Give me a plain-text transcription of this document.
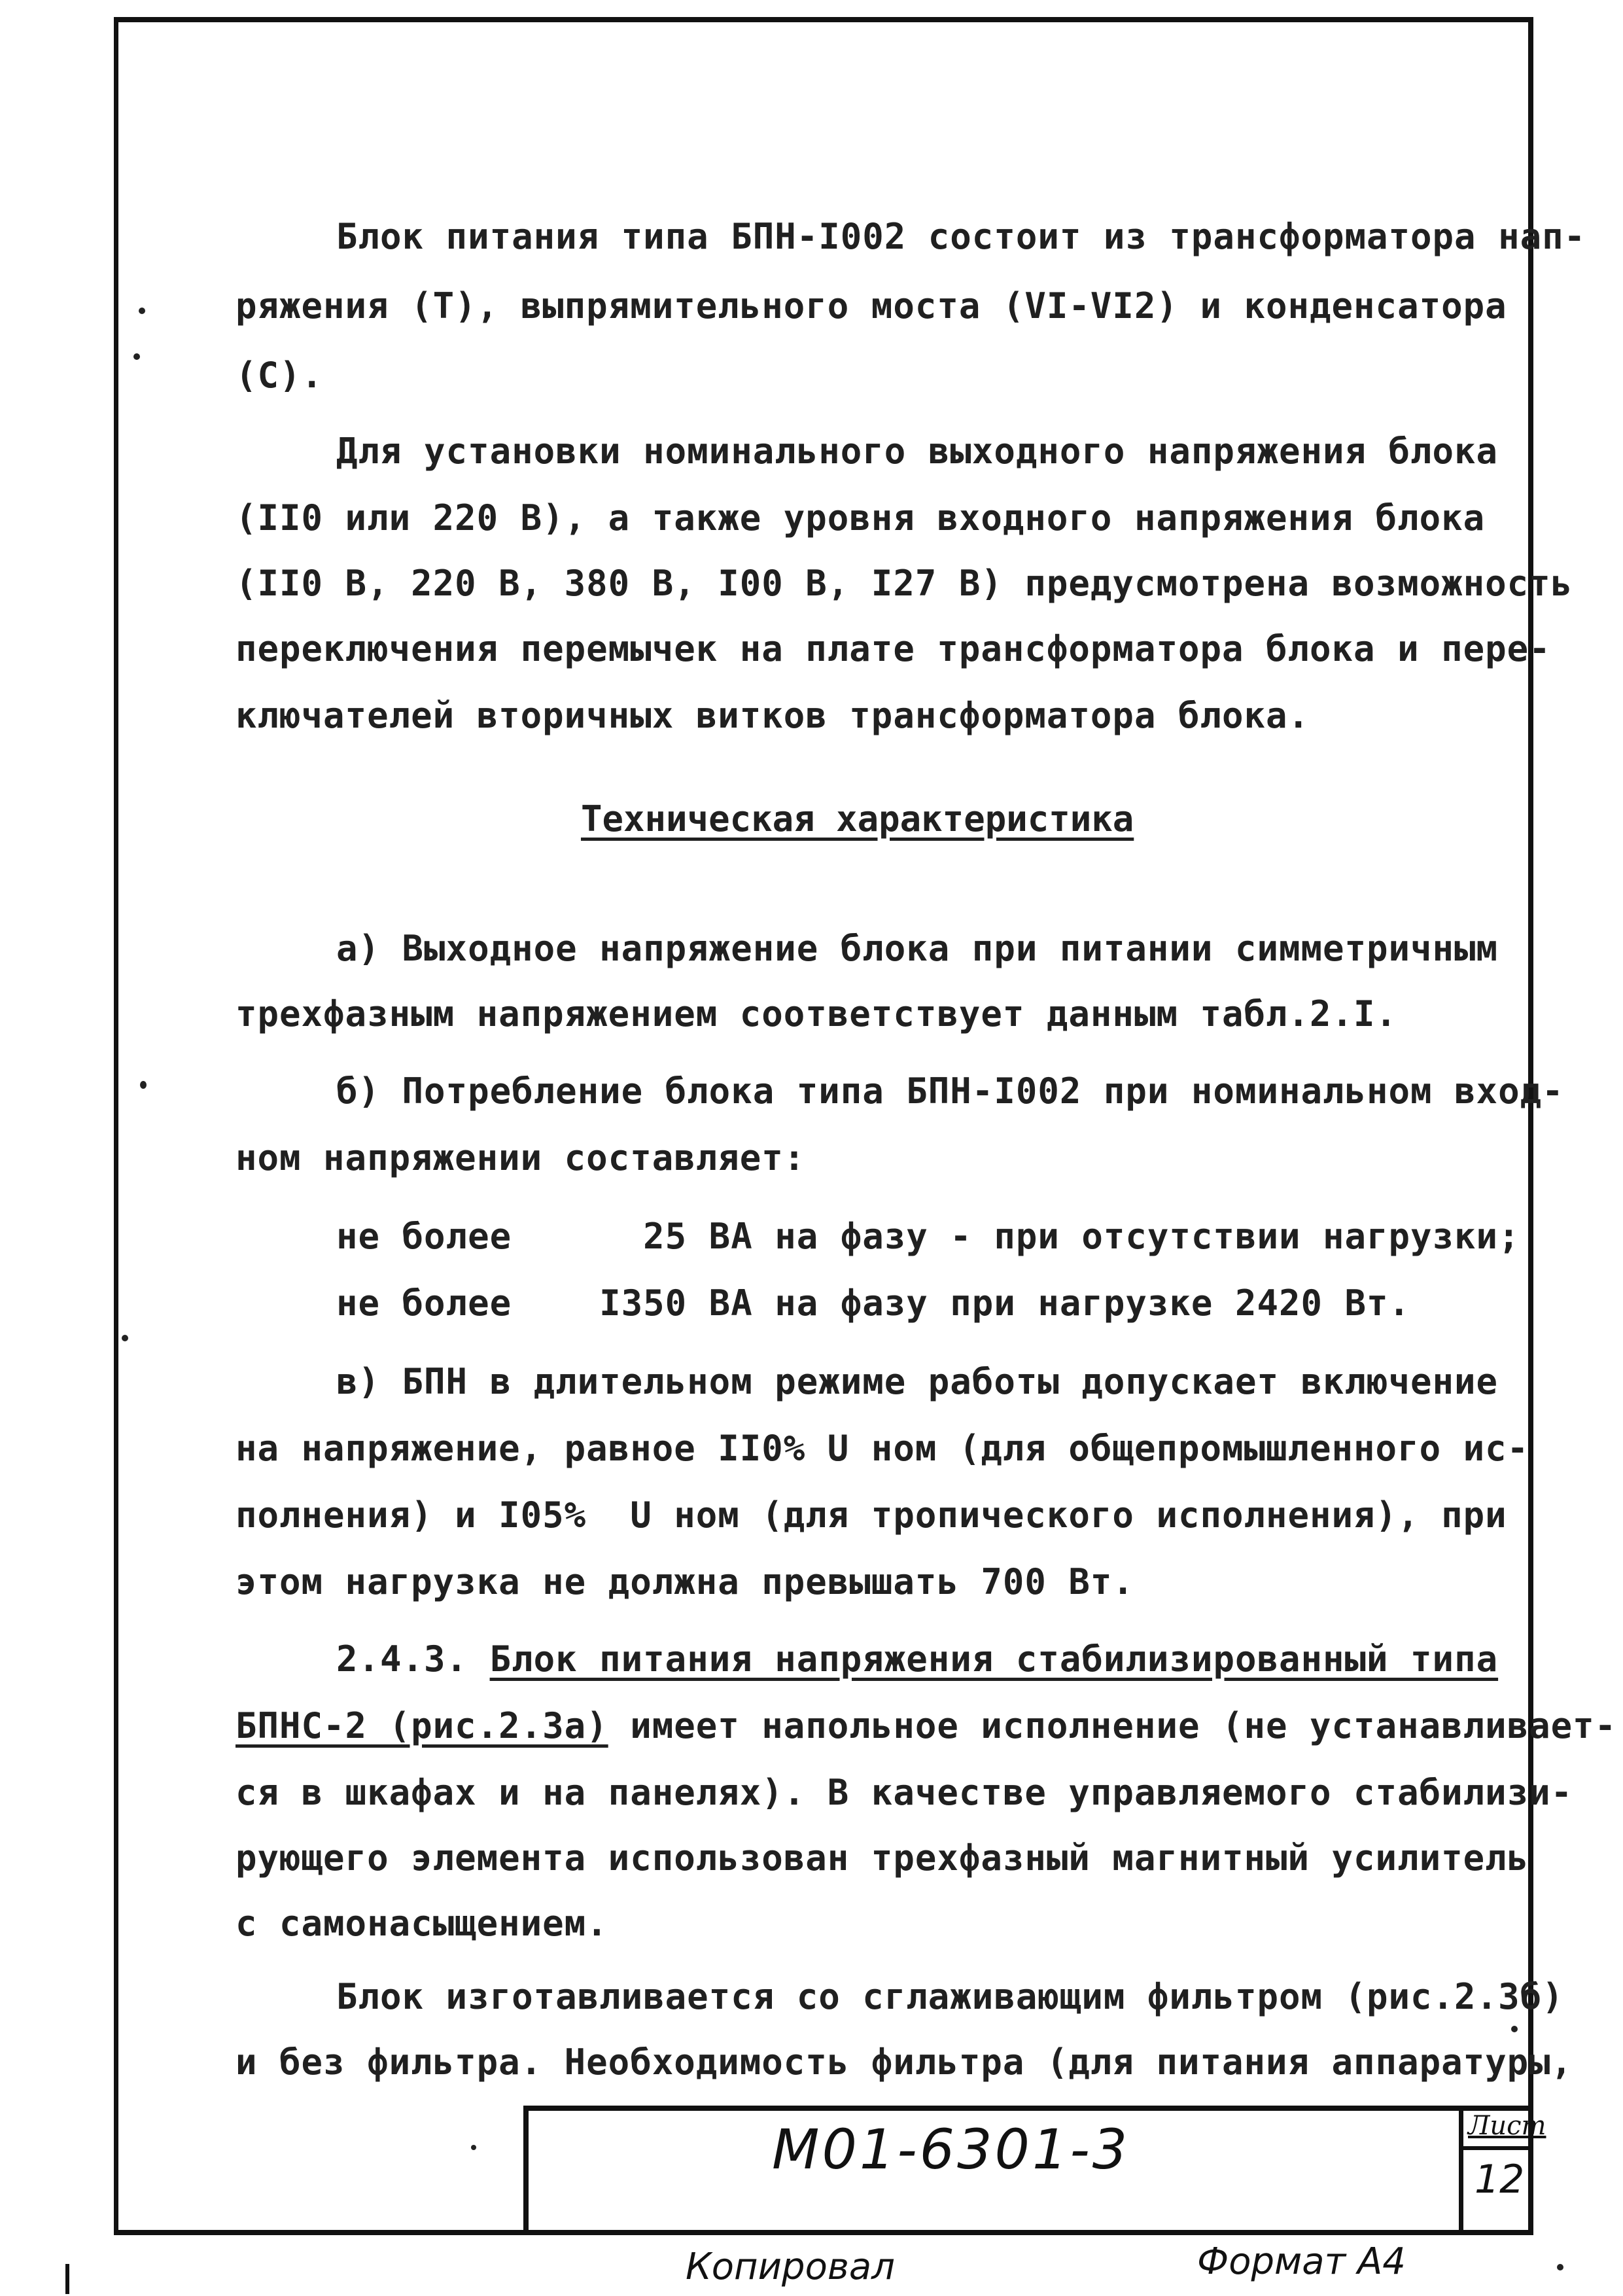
Блок питания типа БПН-I002 состоит из трансформатора нап-
ряжения (Т), выпрямительного моста (VI-VI2) и конденсатора
(С).
Для установки номинального выходного напряжения блока
(II0 или 220 В), а также уровня входного напряжения блока
(II0 В, 220 В, 380 В, I00 В, I27 В) предусмотрена возможность
переключения перемычек на плате трансформатора блока и пере-
ключателей вторичных витков трансформатора блока.
Техническая характеристика
а) Выходное напряжение блока при питании симметричным
трехфазным напряжением соответствует данным табл.2.I.
б) Потребление блока типа БПН-I002 при номинальном вход-
ном напряжении составляет:
не более      25 ВА на фазу - при отсутствии нагрузки;
не более    I350 ВА на фазу при нагрузке 2420 Вт.
в) БПН в длительном режиме работы допускает включение
на напряжение, равное II0% U ном (для общепромышленного ис-
полнения) и I05%  U ном (для тропического исполнения), при
этом нагрузка не должна превышать 700 Вт.
2.4.3. Блок питания напряжения стабилизированный типа
БПНС-2 (рис.2.3а) имеет напольное исполнение (не устанавливает-
ся в шкафах и на панелях). В качестве управляемого стабилизи-
рующего элемента использован трехфазный магнитный усилитель
с самонасыщением.
Блок изготавливается со сглаживающим фильтром (рис.2.3б)
и без фильтра. Необходимость фильтра (для питания аппаратуры,
М01-6301-3	Лист
12
Копировал	Формат А4
